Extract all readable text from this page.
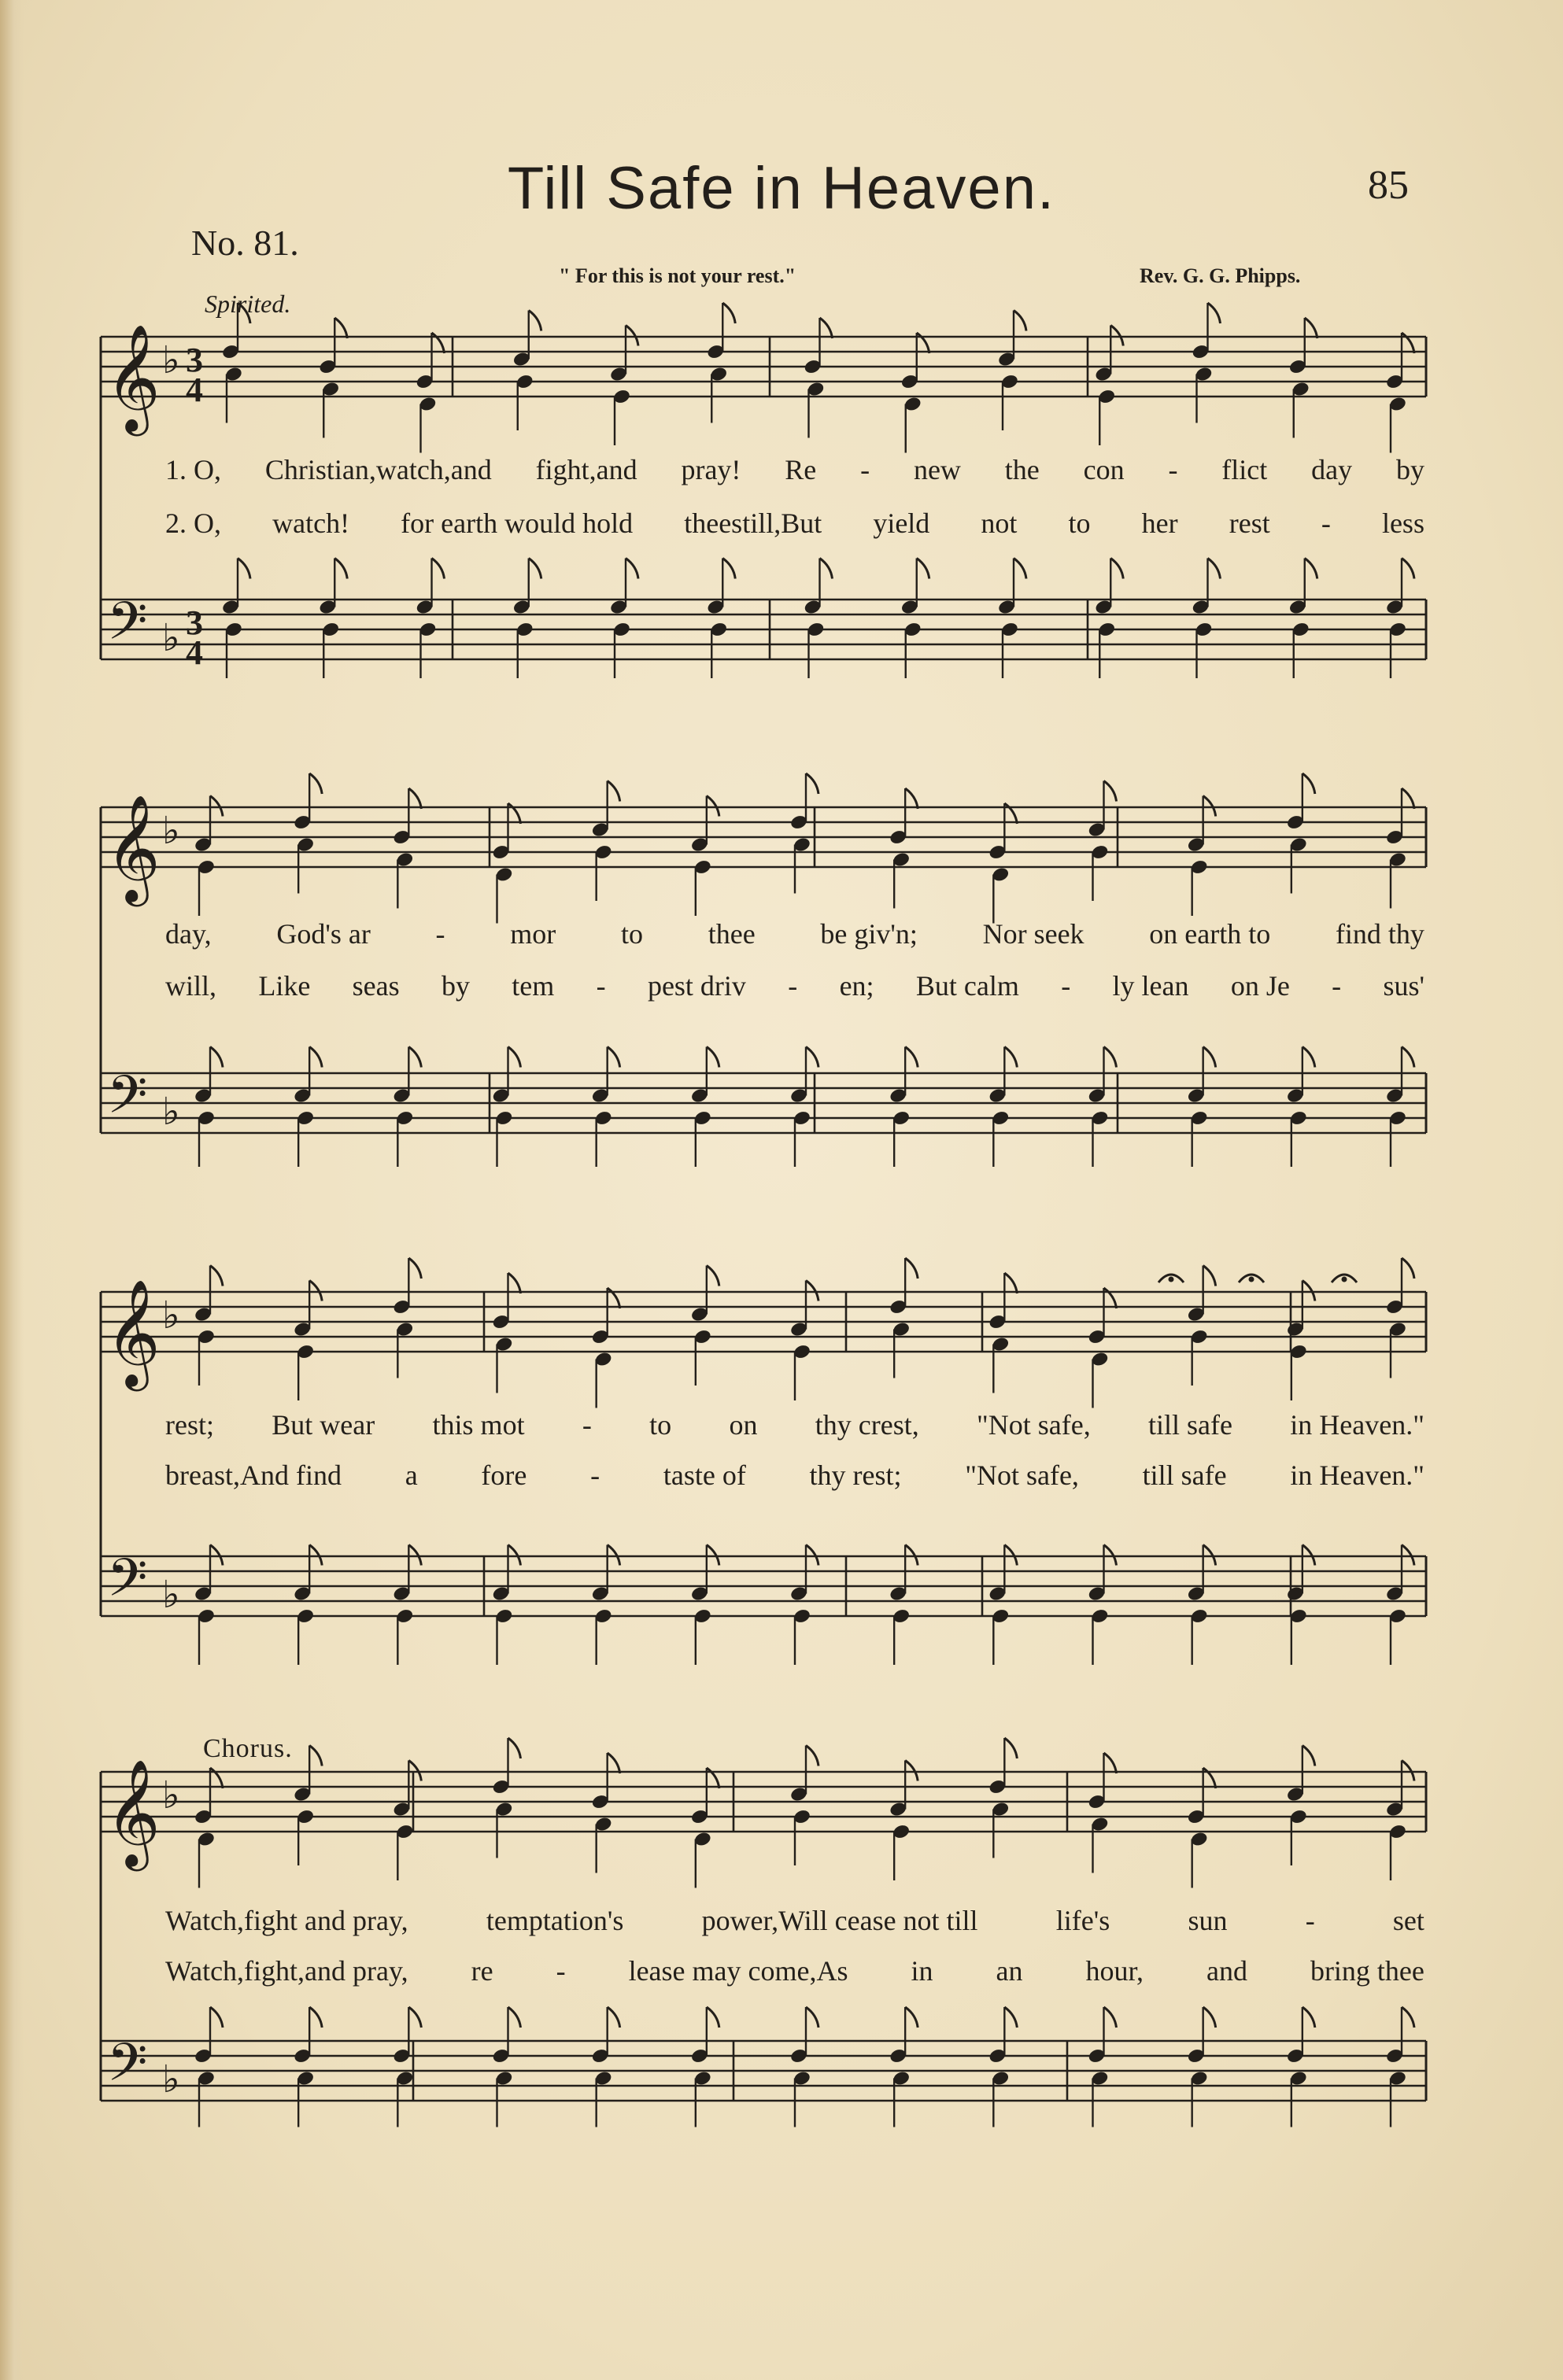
Till Safe in Heaven.	85
No. 81.
" For this is not your rest."	Rev. G. G. Phipps.
Spirited.
Chorus.
1. O, Christian,watch,and fight,and pray! Re - new the con - flict day by
2. O, watch! for earth would hold theestill,But yield not to her rest - less
day, God's ar - mor to thee be giv'n; Nor seek on earth to find thy
will, Like seas by tem - pest driv - en; But calm - ly lean on Je - sus'
rest; But wear this mot - to on thy crest, "Not safe, till safe in Heaven."
breast,And find a fore - taste of thy rest; "Not safe, till safe in Heaven."
Watch,fight and pray,	temptation's	power,Will cease not till	life's	sun	-	set
Watch,fight,and pray, re - lease may come,As in an hour, and bring thee
𝄞
𝄢
♭
♭
3
4
3
4
𝄞
𝄢
♭
♭
𝄞
𝄢
♭
♭
𝄞
𝄢
♭
♭
